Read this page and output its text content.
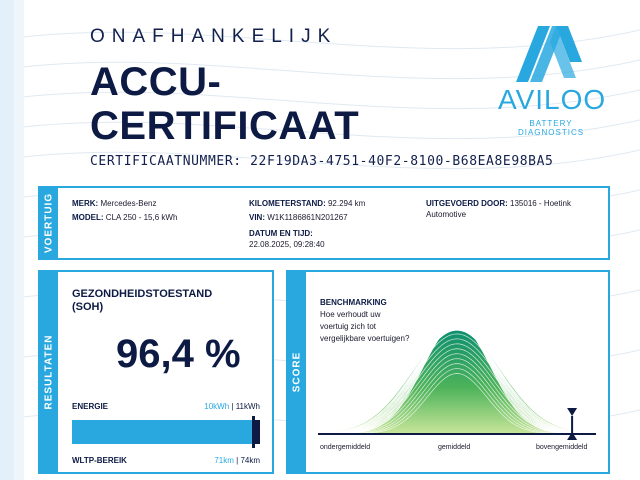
ONAFHANKELIJK
ACCU-
CERTIFICAAT
CERTIFICAATNUMMER: 22F19DA3-4751-40F2-8100-B68EA8E98BA5
AVILOO
BATTERY DIAGNOSTICS
VOERTUIG MERK: Mercedes-Benz
MODEL: CLA 250 - 15,6 kWh
KILOMETERSTAND: 92.294 km
VIN: W1K1186861N201267
DATUM EN TIJD:
22.08.2025, 09:28:40
UITGEVOERD DOOR: 135016 - Hoetink
Automotive
RESULTATEN
GEZONDHEIDSTOESTAND
(SOH)
96,4 %
ENERGIE	10kWh | 11kWh
WLTP-BEREIK	71km | 74km
SCORE
BENCHMARKING
Hoe verhoudt uw
voertuig zich tot
vergelijkbare voertuigen?
ondergemiddeld	gemiddeld	bovengemiddeld
